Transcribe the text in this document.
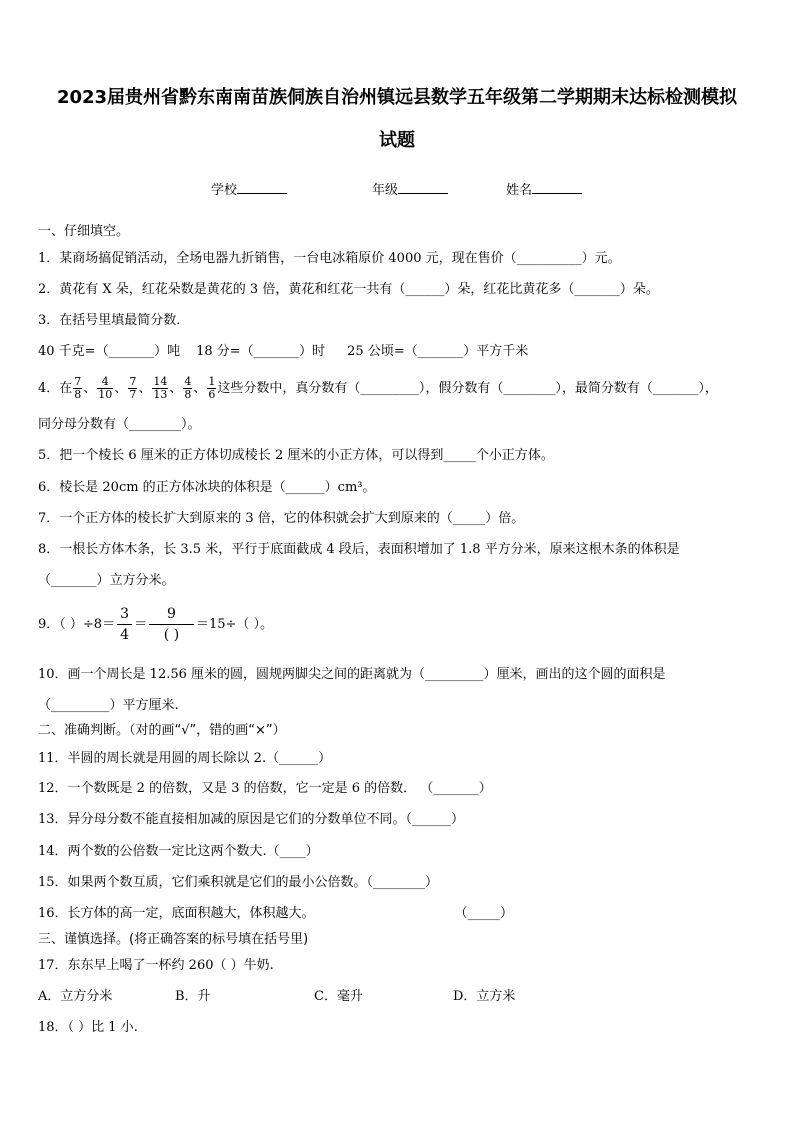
2023届贵州省黔东南南苗族侗族自治州镇远县数学五年级第二学期期末达标检测模拟
试题
学校	年级	姓名
一、仔细填空。
1．某商场搞促销活动，全场电器九折销售，一台电冰箱原价 4000 元，现在售价（__________）元。
2．黄花有 X 朵，红花朵数是黄花的 3 倍，黄花和红花一共有（______）朵，红花比黄花多（_______）朵。
3．在括号里填最简分数．
40 千克=（_______）吨 18 分=（_______）时 25 公顷=（_______）平方千米
4．在 $\frac{7}{8}$ 、 $\frac{4}{10}$ 、 $\frac{7}{7}$ 、 $\frac{14}{13}$ 、 $\frac{4}{8}$ 、 $\frac{1}{6}$ 这些分数中，真分数有（_________），假分数有（________），最简分数有（_______），
同分母分数有（________）。
5．把一个棱长 6 厘米的正方体切成棱长 2 厘米的小正方体，可以得到_____个小正方体。
6．棱长是 20cm 的正方体冰块的体积是（______）cm³。
7．一个正方体的棱长扩大到原来的 3 倍，它的体积就会扩大到原来的（_____）倍。
8．一根长方体木条，长 3.5 米，平行于底面截成 4 段后，表面积增加了 1.8 平方分米，原来这根木条的体积是
（_______）立方分米。
9．（ ）$\div 8= \frac{3}{4}$ ＝
9
( )
＝15÷（ ）。
10．画一个周长是 12.56 厘米的圆，圆规两脚尖之间的距离就为（_________）厘米，画出的这个圆的面积是
（_________）平方厘米.
二、准确判断。（对的画“√”，错的画“×”）
11．半圆的周长就是用圆的周长除以 2.（______）
12．一个数既是 2 的倍数，又是 3 的倍数，它一定是 6 的倍数． （_______）
13．异分母分数不能直接相加减的原因是它们的分数单位不同。（______）
14．两个数的公倍数一定比这两个数大.（____）
15．如果两个数互质，它们乘积就是它们的最小公倍数。（________）
16．长方体的高一定，底面积越大，体积越大。	（_____）
三、谨慎选择。(将正确答案的标号填在括号里)
17．东东早上喝了一杯约 260（ ）牛奶.
A．立方分米	B．升	C．毫升	D．立方米
18．（ ）比 1 小.
